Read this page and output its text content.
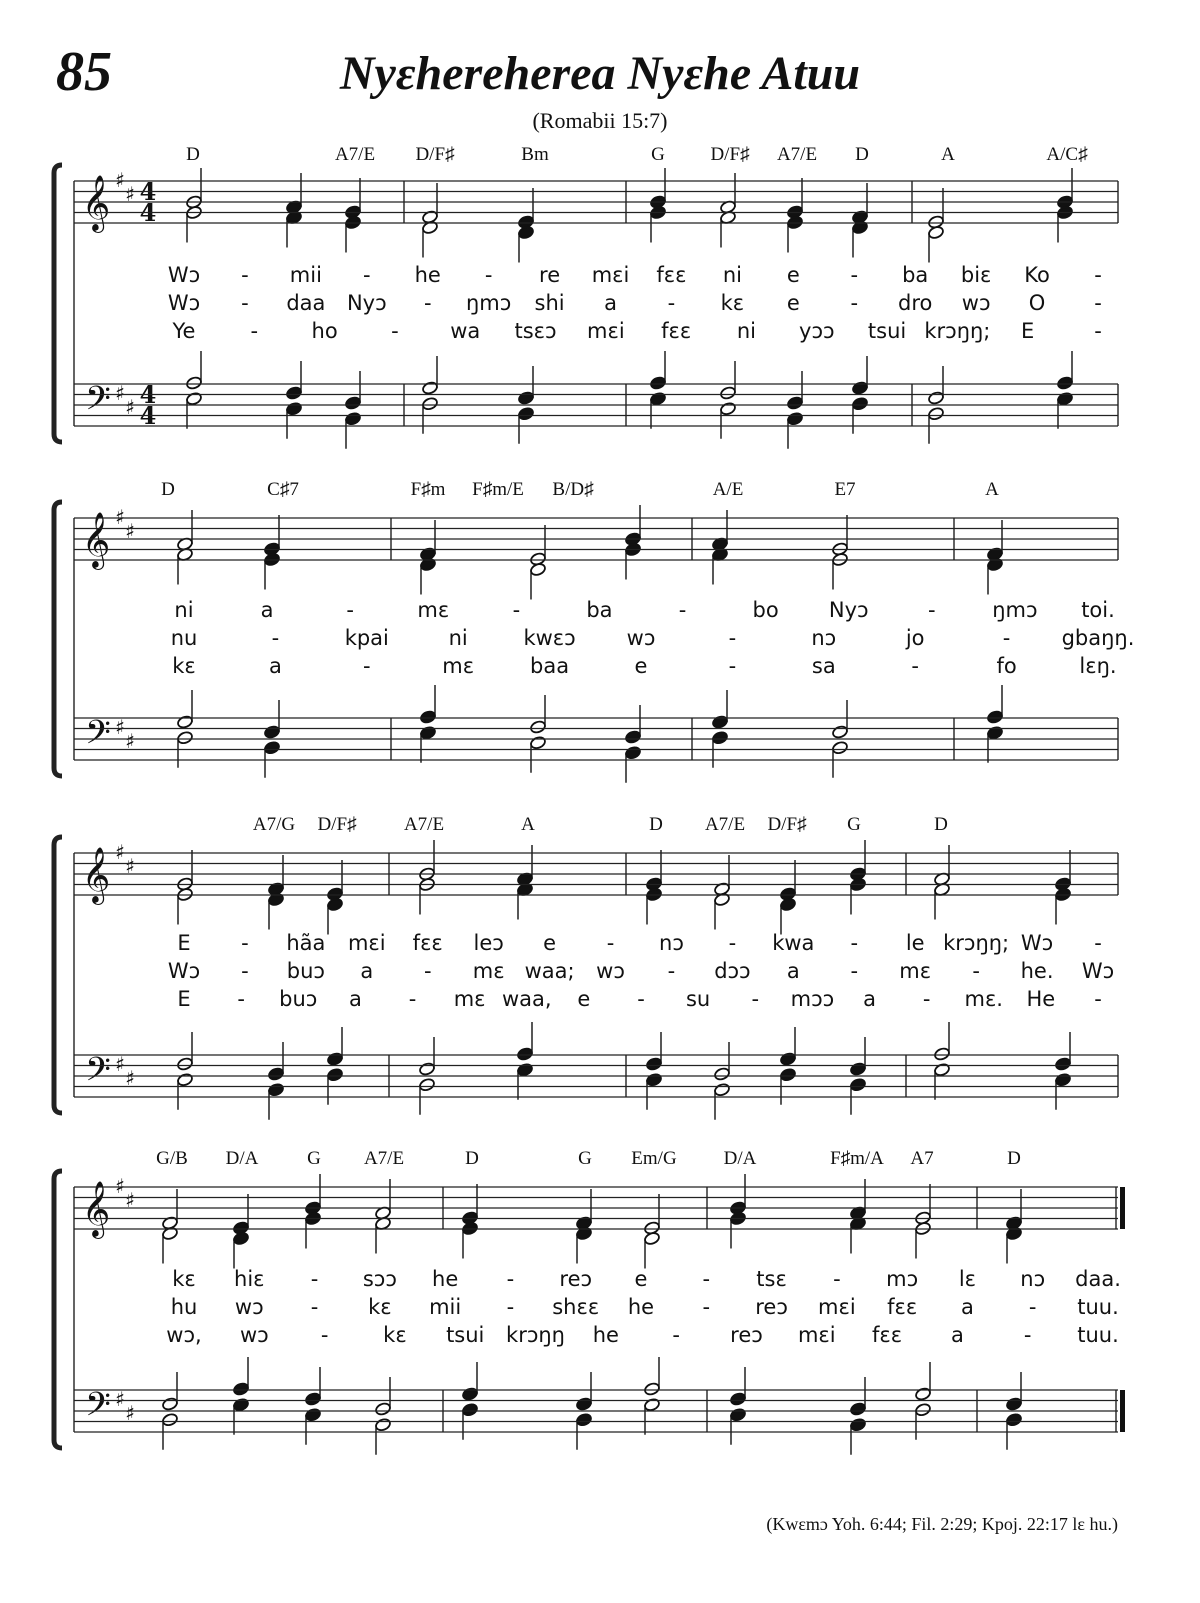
85	Nyɛhereherea Nyɛhe Atuu
(Romabii 15:7)
𝄞
𝄢
♯
♯
♯
♯
4
4
4
4
D	A7/E D/F♯	Bm	G D/F♯ A7/E D	A	A/C♯
Wɔ - mii - he - re mɛi fɛɛ ni e - ba biɛ Ko -
Wɔ - daa Nyɔ - ŋmɔ shi a - kɛ e - dro wɔ O -
Ye	-	ho	- wa tsɛɔ mɛi fɛɛ ni yɔɔ tsui krɔŋŋ; E	-
𝄞
𝄢
♯
♯
♯
♯
D	C♯7	F♯m F♯m/E B/D♯	A/E	E7	A
ni	a	-	mɛ	-	ba	-	bo Nyɔ	-	ŋmɔ toi.
nu	-	kpai	ni	kwɛɔ wɔ	-	nɔ	jo	- gbaŋŋ.
kɛ	a	-	mɛ	baa	e	-	sa	-	fo	lɛŋ.
𝄞
𝄢
♯
♯
♯
♯
A7/G D/F♯ A7/E	A	D A7/E D/F♯ G	D
E - hãa mɛi fɛɛ leɔ e - nɔ - kwa - le krɔŋŋ; Wɔ -
Wɔ - buɔ a - mɛ waa; wɔ - dɔɔ a - mɛ - he. Wɔ
E - buɔ a - mɛ waa, e - su - mɔɔ a - mɛ. He -
𝄞
𝄢
♯
♯
♯
♯
G/B D/A	G A7/E	D	G Em/G D/A	F♯m/A A7	D
kɛ hiɛ - sɔɔ he - reɔ e	- tsɛ - mɔ lɛ nɔ daa.
hu wɔ - kɛ mii - shɛɛ he - reɔ mɛi fɛɛ a	- tuu.
wɔ, wɔ -	kɛ tsui krɔŋŋ he	- reɔ mɛi fɛɛ a	- tuu.
(Kwɛmɔ Yoh. 6:44; Fil. 2:29; Kpoj. 22:17 lɛ hu.)
